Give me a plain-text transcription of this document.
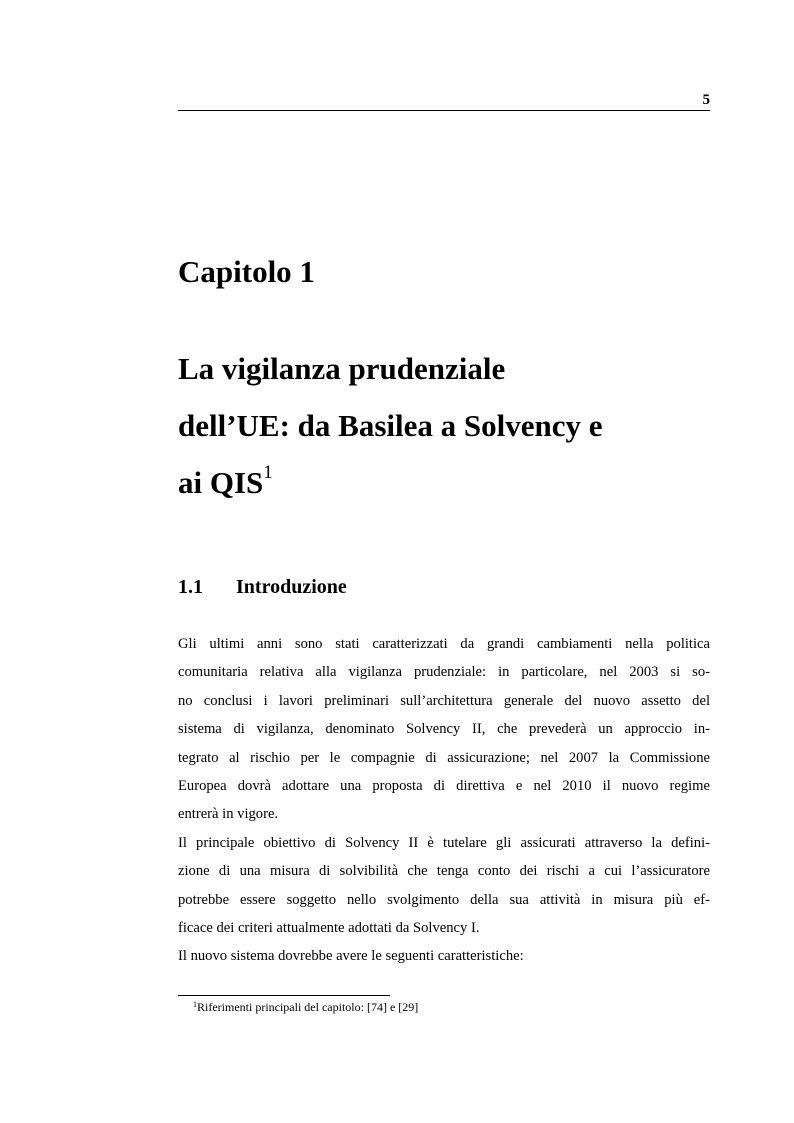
5
Capitolo 1
La vigilanza prudenziale
dell’UE: da Basilea a Solvency e
ai QIS$^1$
1.1 Introduzione
Gli ultimi anni sono stati caratterizzati da grandi cambiamenti nella politica
comunitaria relativa alla vigilanza prudenziale: in particolare, nel 2003 si so-
no conclusi i lavori preliminari sull’architettura generale del nuovo assetto del
sistema di vigilanza, denominato Solvency II, che prevederà un approccio in-
tegrato al rischio per le compagnie di assicurazione; nel 2007 la Commissione
Europea dovrà adottare una proposta di direttiva e nel 2010 il nuovo regime
entrerà in vigore.
Il principale obiettivo di Solvency II è tutelare gli assicurati attraverso la defini-
zione di una misura di solvibilità che tenga conto dei rischi a cui l’assicuratore
potrebbe essere soggetto nello svolgimento della sua attività in misura più ef-
ficace dei criteri attualmente adottati da Solvency I.
Il nuovo sistema dovrebbe avere le seguenti caratteristiche:
$^1$Riferimenti principali del capitolo: [74] e [29]
